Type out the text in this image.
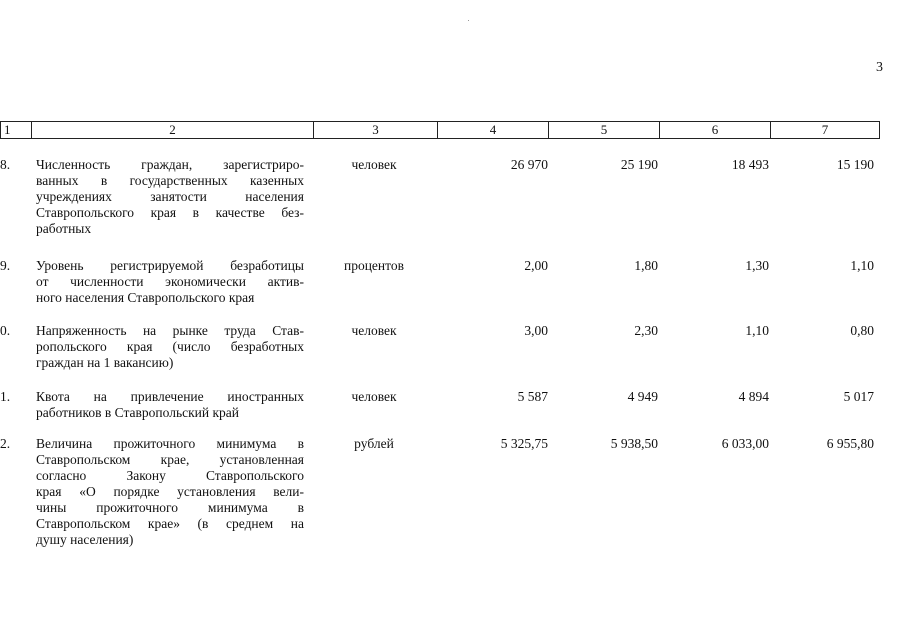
3
1	2	3	4	5	6	7
8. Численность граждан, зарегистриро-
ванных в государственных казенных
учреждениях занятости населения
Ставропольского края в качестве без-
работных
человек	26 970	25 190	18 493	15 190
9. Уровень регистрируемой безработицы
от численности экономически актив-
ного населения Ставропольского края
процентов	2,00	1,80	1,30	1,10
0. Напряженность на рынке труда Став-
ропольского края (число безработных
граждан на 1 вакансию)
человек	3,00	2,30	1,10	0,80
1. Квота на привлечение иностранных
работников в Ставропольский край
человек	5 587	4 949	4 894	5 017
2. Величина прожиточного минимума в
Ставропольском крае, установленная
согласно Закону Ставропольского
края «О порядке установления вели-
чины прожиточного минимума в
Ставропольском крае» (в среднем на
душу населения)
рублей	5 325,75	5 938,50	6 033,00	6 955,80
